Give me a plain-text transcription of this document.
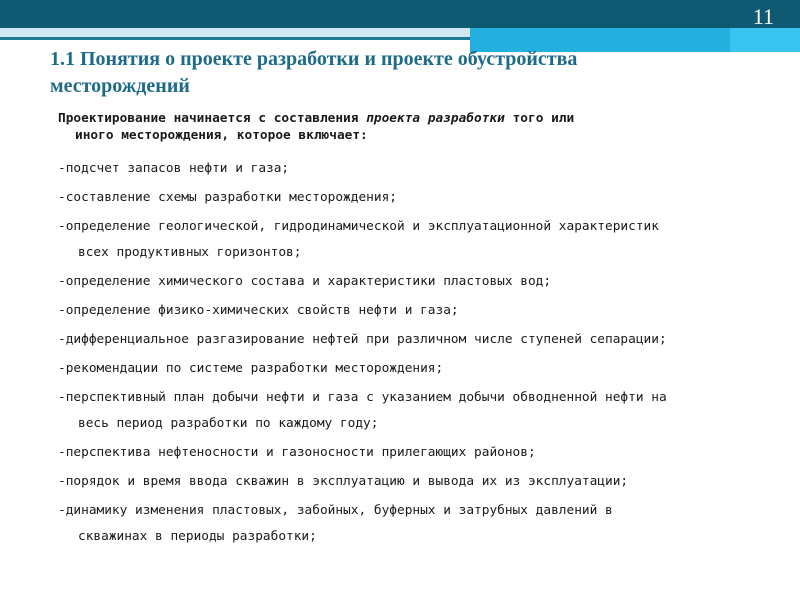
11
1.1 Понятия о проекте разработки и проекте обустройства месторождений
Проектирование начинается с составления проекта разработки того или
иного месторождения, которое включает:
-подсчет запасов нефти и газа;
-составление схемы разработки месторождения;
-определение геологической, гидродинамической и эксплуатационной характеристик
всех продуктивных горизонтов;
-определение химического состава и характеристики пластовых вод;
-определение физико-химических свойств нефти и газа;
-дифференциальное разгазирование нефтей при различном числе ступеней сепарации;
-рекомендации по системе разработки месторождения;
-перспективный план добычи нефти и газа с указанием добычи обводненной нефти на
весь период разработки по каждому году;
-перспектива нефтеносности и газоносности прилегающих районов;
-порядок и время ввода скважин в эксплуатацию и вывода их из эксплуатации;
-динамику изменения пластовых, забойных, буферных и затрубных давлений в
скважинах в периоды разработки;
